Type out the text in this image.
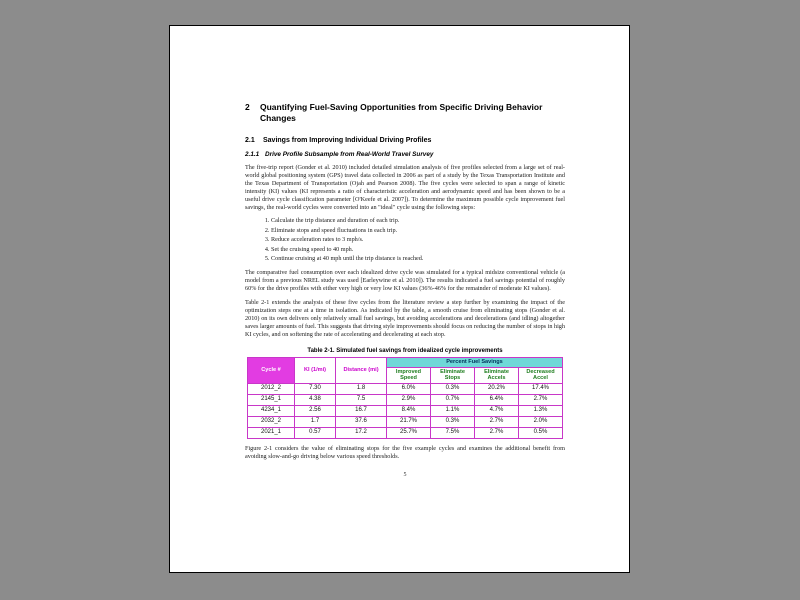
2	Quantifying Fuel-Saving Opportunities from Specific Driving Behavior Changes
2.1	Savings from Improving Individual Driving Profiles
2.1.1 Drive Profile Subsample from Real-World Travel Survey
The five-trip report (Gonder et al. 2010) included detailed simulation analysis of five profiles selected from a large set of real-world global positioning system (GPS) travel data collected in 2006 as part of a study by the Texas Transportation Institute and the Texas Department of Transportation (Ojah and Pearson 2008). The five cycles were selected to span a range of kinetic intensity (KI) values (KI represents a ratio of characteristic acceleration and aerodynamic speed and has been shown to be a useful drive cycle classification parameter [O'Keefe et al. 2007]). To determine the maximum possible cycle improvement fuel savings, the real-world cycles were converted into an "ideal" cycle using the following steps:
1. Calculate the trip distance and duration of each trip.
2. Eliminate stops and speed fluctuations in each trip.
3. Reduce acceleration rates to 3 mph/s.
4. Set the cruising speed to 40 mph.
5. Continue cruising at 40 mph until the trip distance is reached.
The comparative fuel consumption over each idealized drive cycle was simulated for a typical midsize conventional vehicle (a model from a previous NREL study was used [Earleywine et al. 2010]). The results indicated a fuel savings potential of roughly 60% for the drive profiles with either very high or very low KI values (36%-46% for the remainder of moderate KI values).
Table 2-1 extends the analysis of these five cycles from the literature review a step further by examining the impact of the optimization steps one at a time in isolation. As indicated by the table, a smooth cruise from eliminating stops (Gonder et al. 2010) on its own delivers only relatively small fuel savings, but avoiding accelerations and decelerations (and idling) altogether saves larger amounts of fuel. This suggests that driving style improvements should focus on reducing the number of stops in high KI cycles, and on softening the rate of accelerating and decelerating at each stop.
Table 2-1. Simulated fuel savings from idealized cycle improvements
Cycle #	KI (1/mi)	Distance (mi)	Percent Fuel Savings			
			Improved Speed	Eliminate Stops	Eliminate Accels	Decreased Accel
2012_2	7.30	1.8	6.0%	0.3%	20.2%	17.4%
2145_1	4.38	7.5	2.9%	0.7%	6.4%	2.7%
4234_1	2.56	16.7	8.4%	1.1%	4.7%	1.3%
2032_2	1.7	37.6	21.7%	0.3%	2.7%	2.0%
2021_1	0.57	17.2	25.7%	7.5%	2.7%	0.5%
Figure 2-1 considers the value of eliminating stops for the five example cycles and examines the additional benefit from avoiding slow-and-go driving below various speed thresholds.
5
